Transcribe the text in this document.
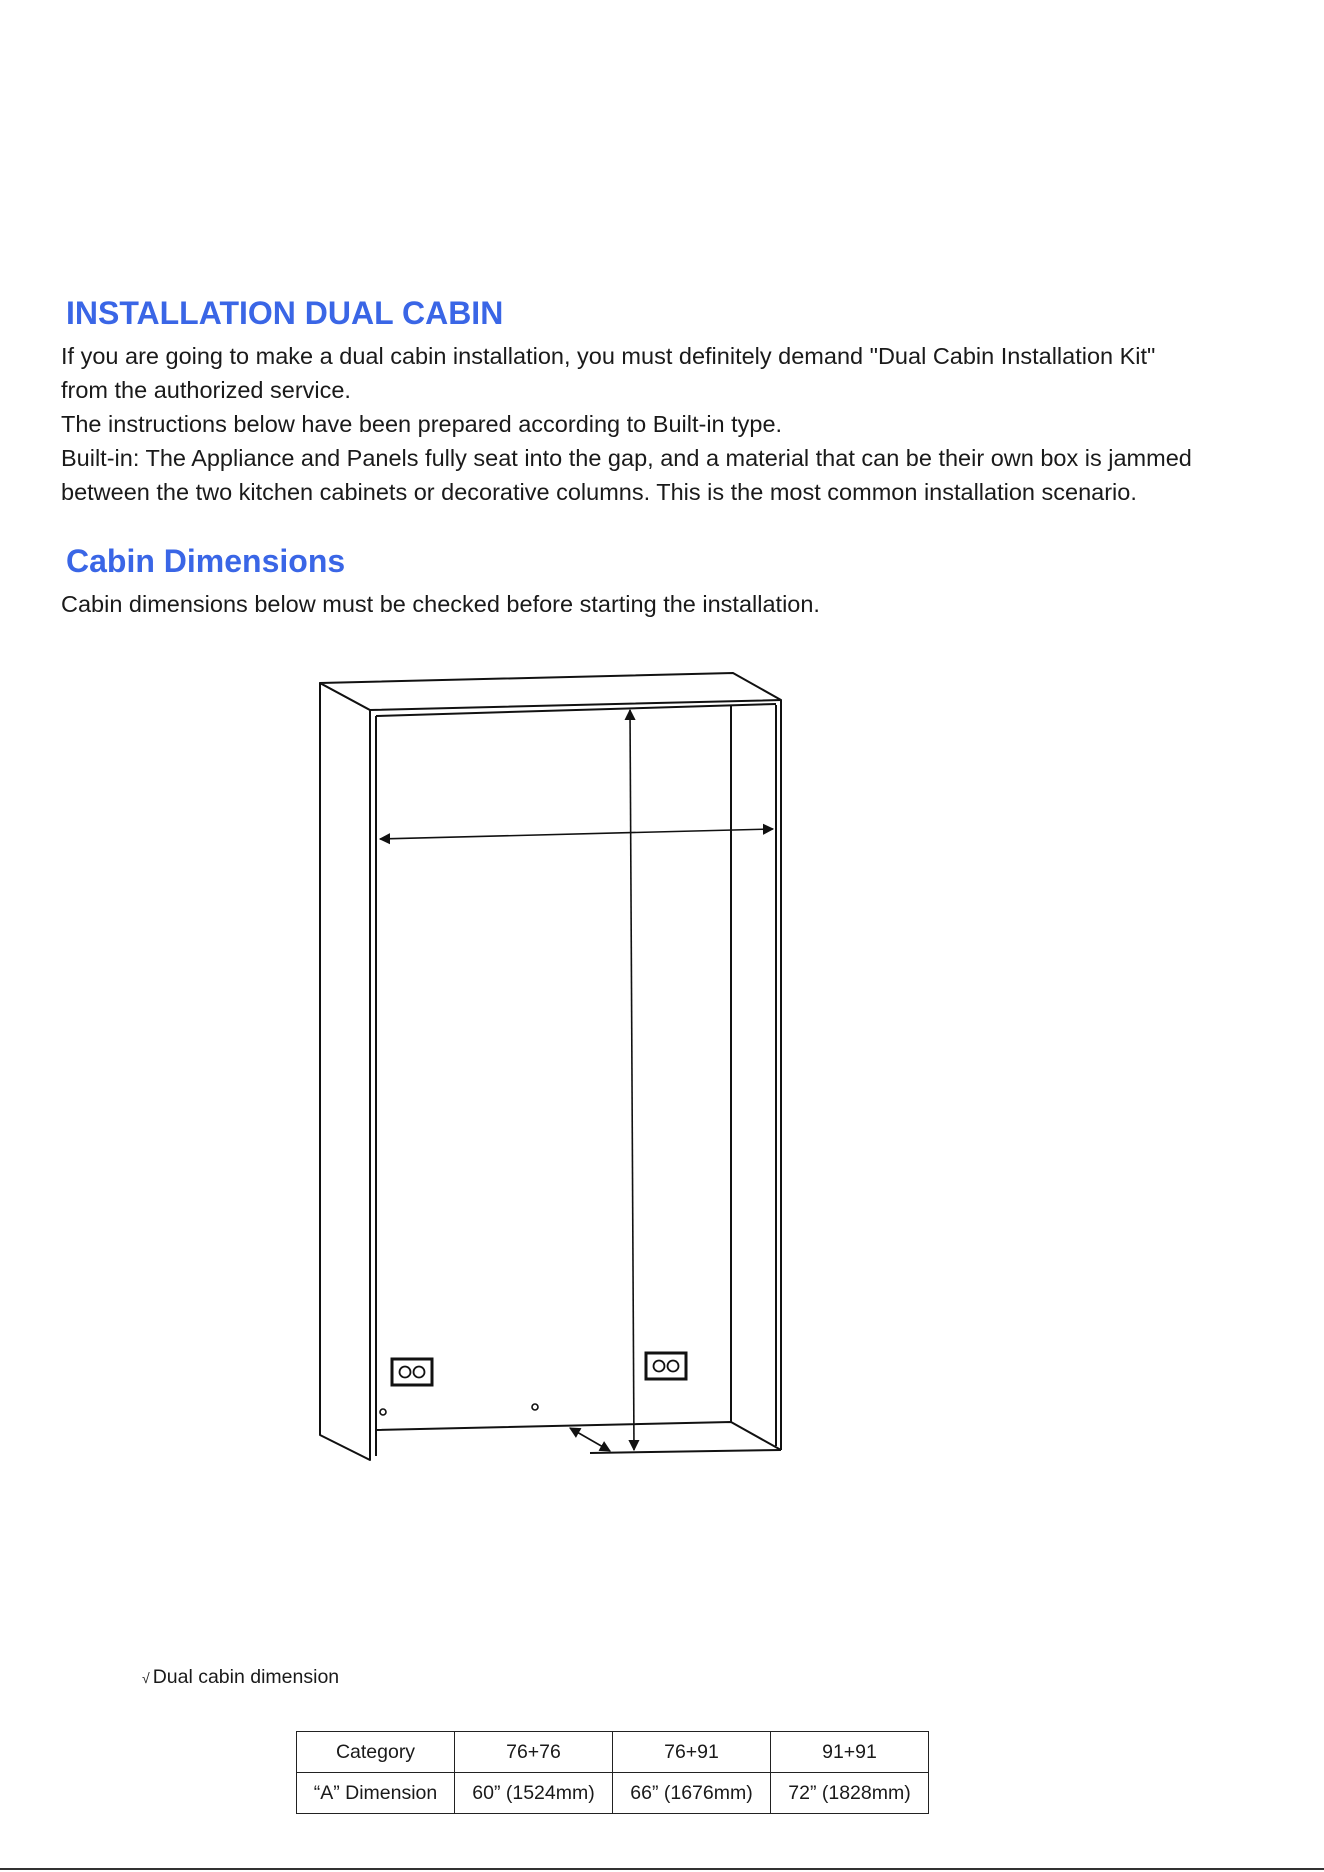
INSTALLATION DUAL CABIN

If you are going to make a dual cabin installation, you must definitely demand "Dual Cabin Installation Kit"

from the authorized service.

The instructions below have been prepared according to Built-in type.

Built-in: The Appliance and Panels fully seat into the gap, and a material that can be their own box is jammed

between the two kitchen cabinets or decorative columns. This is the most common installation scenario.

Cabin Dimensions

Cabin dimensions below must be checked before starting the installation.

√ Dual cabin dimension
Category	76+76	76+91	91+91
“A” Dimension	60” (1524mm)	66” (1676mm)	72” (1828mm)
